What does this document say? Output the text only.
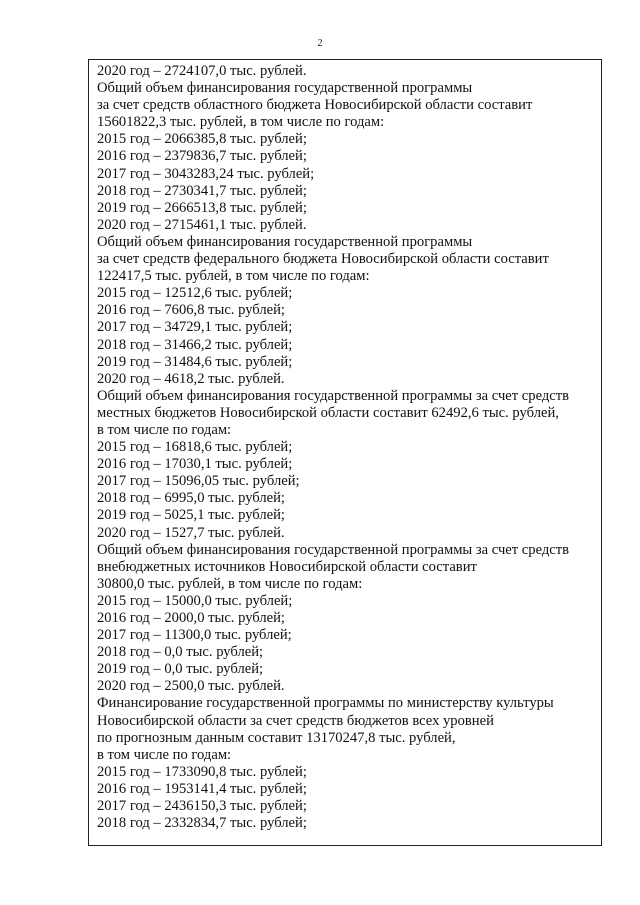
2
2020 год – 2724107,0 тыс. рублей.
Общий объем финансирования государственной программы
за счет средств областного бюджета Новосибирской области составит
15601822,3 тыс. рублей, в том числе по годам:
2015 год – 2066385,8 тыс. рублей;
2016 год – 2379836,7 тыс. рублей;
2017 год – 3043283,24 тыс. рублей;
2018 год – 2730341,7 тыс. рублей;
2019 год – 2666513,8 тыс. рублей;
2020 год – 2715461,1 тыс. рублей.
Общий объем финансирования государственной программы
за счет средств федерального бюджета Новосибирской области составит
122417,5 тыс. рублей, в том числе по годам:
2015 год – 12512,6 тыс. рублей;
2016 год – 7606,8 тыс. рублей;
2017 год – 34729,1 тыс. рублей;
2018 год – 31466,2 тыс. рублей;
2019 год – 31484,6 тыс. рублей;
2020 год – 4618,2 тыс. рублей.
Общий объем финансирования государственной программы за счет средств
местных бюджетов Новосибирской области составит 62492,6 тыс. рублей,
в том числе по годам:
2015 год – 16818,6 тыс. рублей;
2016 год – 17030,1 тыс. рублей;
2017 год – 15096,05 тыс. рублей;
2018 год – 6995,0 тыс. рублей;
2019 год – 5025,1 тыс. рублей;
2020 год – 1527,7 тыс. рублей.
Общий объем финансирования государственной программы за счет средств
внебюджетных источников Новосибирской области составит
30800,0 тыс. рублей, в том числе по годам:
2015 год – 15000,0 тыс. рублей;
2016 год – 2000,0 тыс. рублей;
2017 год – 11300,0 тыс. рублей;
2018 год – 0,0 тыс. рублей;
2019 год – 0,0 тыс. рублей;
2020 год – 2500,0 тыс. рублей.
Финансирование государственной программы по министерству культуры
Новосибирской области за счет средств бюджетов всех уровней
по прогнозным данным составит 13170247,8 тыс. рублей,
в том числе по годам:
2015 год – 1733090,8 тыс. рублей;
2016 год – 1953141,4 тыс. рублей;
2017 год – 2436150,3 тыс. рублей;
2018 год – 2332834,7 тыс. рублей;
